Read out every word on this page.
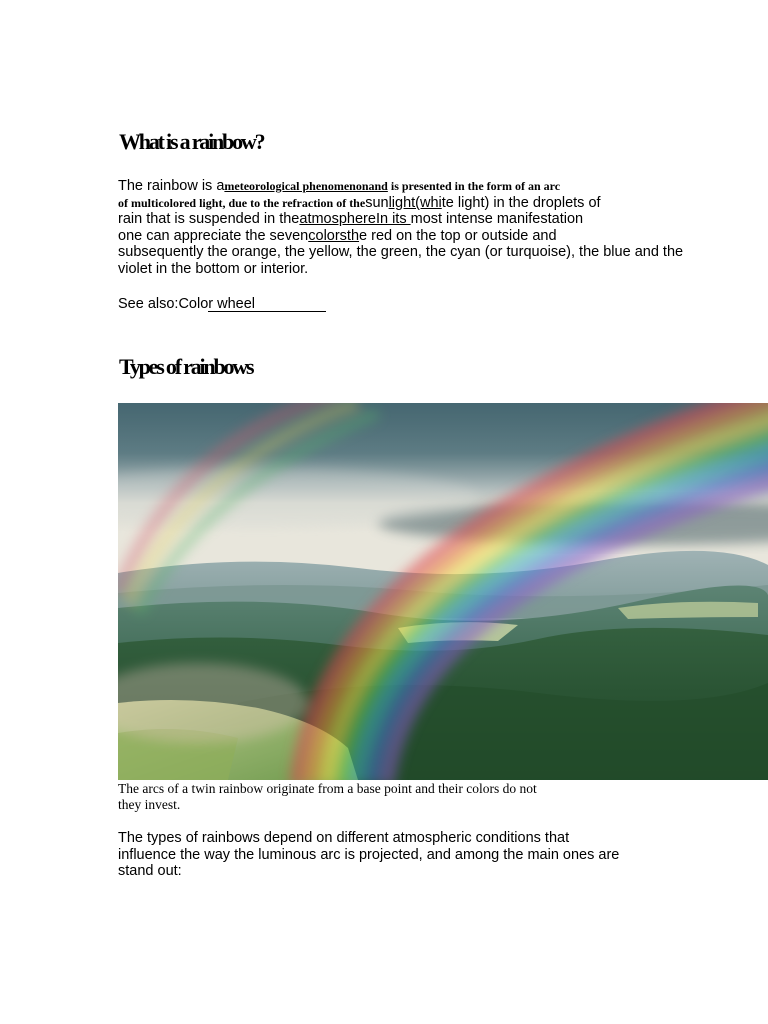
What is a rainbow?

The rainbow is ameteorological phenomenonand is presented in the form of an arc
of multicolored light, due to the refraction of thesunlight(white light) in the droplets of
rain that is suspended in theatmosphereIn its most intense manifestation
one can appreciate the sevencolorsthe red on the top or outside and
subsequently the orange, the yellow, the green, the cyan (or turquoise), the blue and the
violet in the bottom or interior.

See also:Color wheel
Types of rainbows

The arcs of a twin rainbow originate from a base point and their colors do not
they invest.

The types of rainbows depend on different atmospheric conditions that
influence the way the luminous arc is projected, and among the main ones are
stand out:
